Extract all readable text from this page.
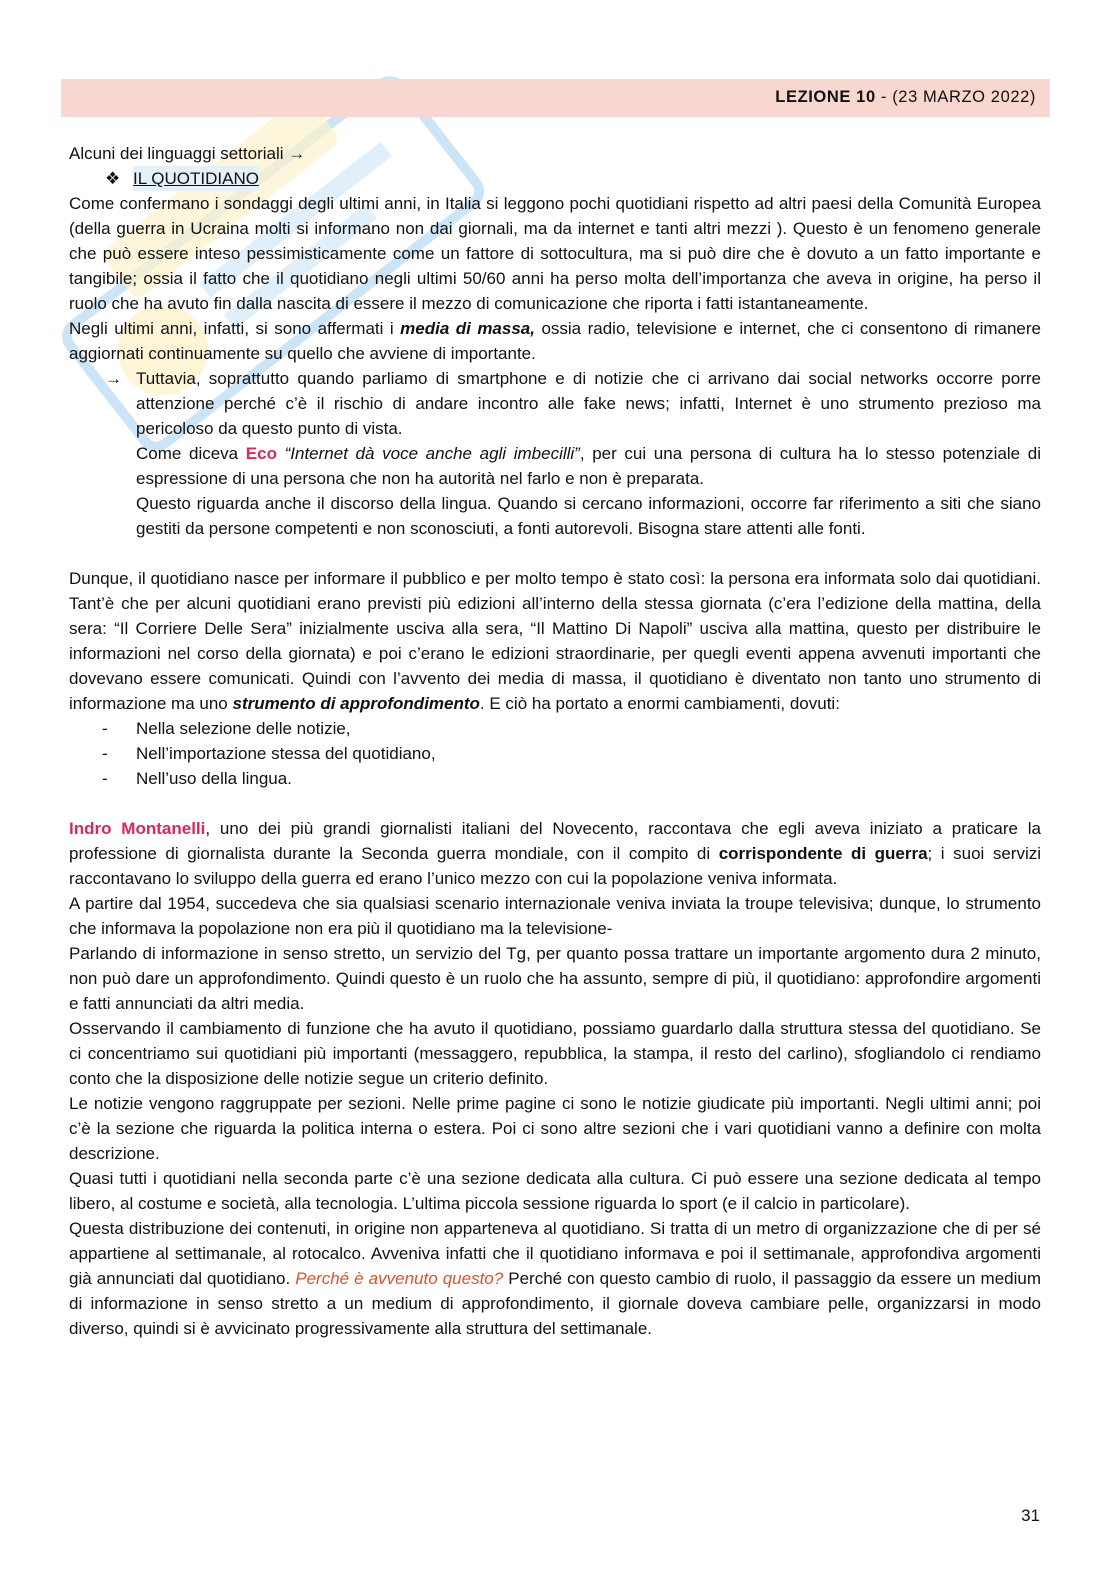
LEZIONE 10 - (23 MARZO 2022)

Alcuni dei linguaggi settoriali →

❖ IL QUOTIDIANO

Come confermano i sondaggi degli ultimi anni, in Italia si leggono pochi quotidiani rispetto ad altri paesi della Comunità Europea (della guerra in Ucraina molti si informano non dai giornali, ma da internet e tanti altri mezzi ). Questo è un fenomeno generale che può essere inteso pessimisticamente come un fattore di sottocultura, ma si può dire che è dovuto a un fatto importante e tangibile; ossia il fatto che il quotidiano negli ultimi 50/60 anni ha perso molta dell’importanza che aveva in origine, ha perso il ruolo che ha avuto fin dalla nascita di essere il mezzo di comunicazione che riporta i fatti istantaneamente.

Negli ultimi anni, infatti, si sono affermati i media di massa, ossia radio, televisione e internet, che ci consentono di rimanere aggiornati continuamente su quello che avviene di importante.

→ Tuttavia, soprattutto quando parliamo di smartphone e di notizie che ci arrivano dai social networks occorre porre attenzione perché c’è il rischio di andare incontro alle fake news; infatti, Internet è uno strumento prezioso ma pericoloso da questo punto di vista.

Come diceva Eco “Internet dà voce anche agli imbecilli”, per cui una persona di cultura ha lo stesso potenziale di espressione di una persona che non ha autorità nel farlo e non è preparata.

Questo riguarda anche il discorso della lingua. Quando si cercano informazioni, occorre far riferimento a siti che siano gestiti da persone competenti e non sconosciuti, a fonti autorevoli. Bisogna stare attenti alle fonti.

Dunque, il quotidiano nasce per informare il pubblico e per molto tempo è stato così: la persona era informata solo dai quotidiani. Tant’è che per alcuni quotidiani erano previsti più edizioni all’interno della stessa giornata (c’era l’edizione della mattina, della sera: “Il Corriere Delle Sera” inizialmente usciva alla sera, “Il Mattino Di Napoli” usciva alla mattina, questo per distribuire le informazioni nel corso della giornata) e poi c’erano le edizioni straordinarie, per quegli eventi appena avvenuti importanti che dovevano essere comunicati. Quindi con l’avvento dei media di massa, il quotidiano è diventato non tanto uno strumento di informazione ma uno strumento di approfondimento. E ciò ha portato a enormi cambiamenti, dovuti:

- Nella selezione delle notizie,
- Nell’importazione stessa del quotidiano,
- Nell’uso della lingua.

Indro Montanelli, uno dei più grandi giornalisti italiani del Novecento, raccontava che egli aveva iniziato a praticare la professione di giornalista durante la Seconda guerra mondiale, con il compito di corrispondente di guerra; i suoi servizi raccontavano lo sviluppo della guerra ed erano l’unico mezzo con cui la popolazione veniva informata.

A partire dal 1954, succedeva che sia qualsiasi scenario internazionale veniva inviata la troupe televisiva; dunque, lo strumento che informava la popolazione non era più il quotidiano ma la televisione-

Parlando di informazione in senso stretto, un servizio del Tg, per quanto possa trattare un importante argomento dura 2 minuto, non può dare un approfondimento. Quindi questo è un ruolo che ha assunto, sempre di più, il quotidiano: approfondire argomenti e fatti annunciati da altri media.

Osservando il cambiamento di funzione che ha avuto il quotidiano, possiamo guardarlo dalla struttura stessa del quotidiano. Se ci concentriamo sui quotidiani più importanti (messaggero, repubblica, la stampa, il resto del carlino), sfogliandolo ci rendiamo conto che la disposizione delle notizie segue un criterio definito.

Le notizie vengono raggruppate per sezioni. Nelle prime pagine ci sono le notizie giudicate più importanti. Negli ultimi anni; poi c’è la sezione che riguarda la politica interna o estera. Poi ci sono altre sezioni che i vari quotidiani vanno a definire con molta descrizione.

Quasi tutti i quotidiani nella seconda parte c’è una sezione dedicata alla cultura. Ci può essere una sezione dedicata al tempo libero, al costume e società, alla tecnologia. L’ultima piccola sessione riguarda lo sport (e il calcio in particolare).

Questa distribuzione dei contenuti, in origine non apparteneva al quotidiano. Si tratta di un metro di organizzazione che di per sé appartiene al settimanale, al rotocalco. Avveniva infatti che il quotidiano informava e poi il settimanale, approfondiva argomenti già annunciati dal quotidiano. Perché è avvenuto questo? Perché con questo cambio di ruolo, il passaggio da essere un medium di informazione in senso stretto a un medium di approfondimento, il giornale doveva cambiare pelle, organizzarsi in modo diverso, quindi si è avvicinato progressivamente alla struttura del settimanale.

31
